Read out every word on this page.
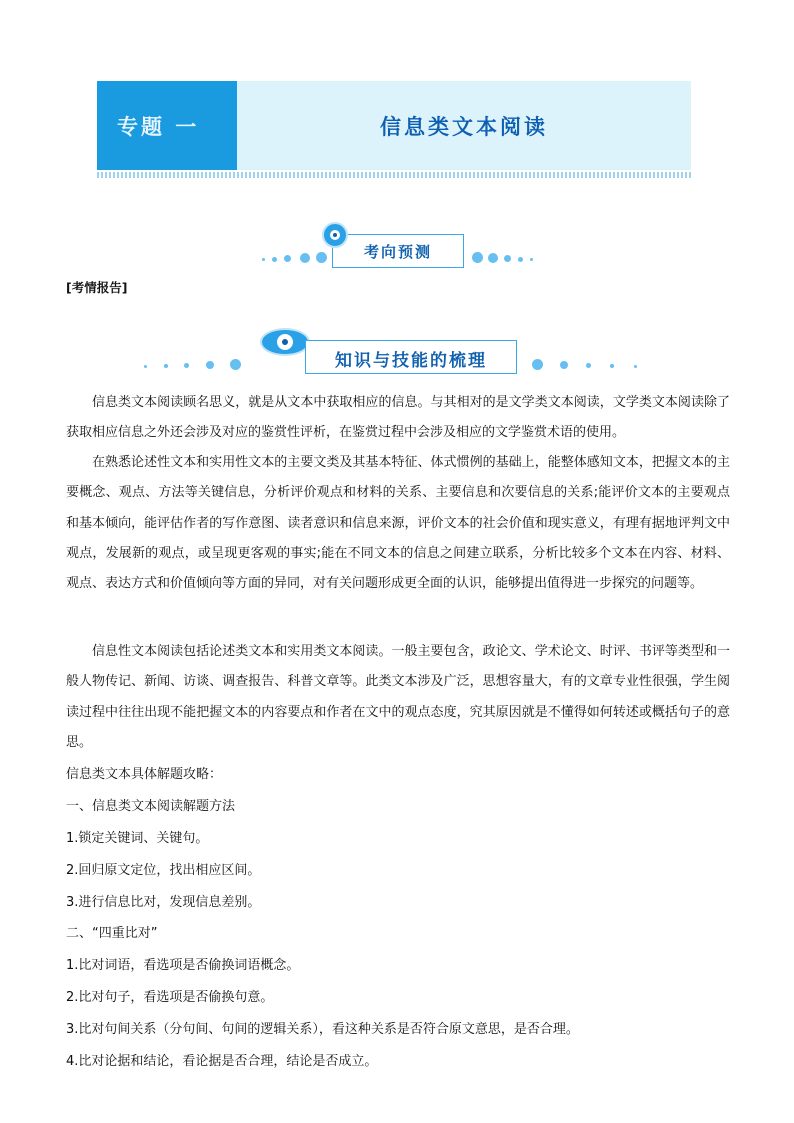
专题 一	信息类文本阅读
考向预测
[考情报告]
知识与技能的梳理

信息类文本阅读顾名思义，就是从文本中获取相应的信息。与其相对的是文学类文本阅读，文学类文本阅读除了获取相应信息之外还会涉及对应的鉴赏性评析，在鉴赏过程中会涉及相应的文学鉴赏术语的使用。

在熟悉论述性文本和实用性文本的主要文类及其基本特征、体式惯例的基础上，能整体感知文本，把握文本的主要概念、观点、方法等关键信息，分析评价观点和材料的关系、主要信息和次要信息的关系;能评价文本的主要观点和基本倾向，能评估作者的写作意图、读者意识和信息来源，评价文本的社会价值和现实意义，有理有据地评判文中观点，发展新的观点，或呈现更客观的事实;能在不同文本的信息之间建立联系，分析比较多个文本在内容、材料、观点、表达方式和价值倾向等方面的异同，对有关问题形成更全面的认识，能够提出值得进一步探究的问题等。

信息性文本阅读包括论述类文本和实用类文本阅读。一般主要包含，政论文、学术论文、时评、书评等类型和一般人物传记、新闻、访谈、调查报告、科普文章等。此类文本涉及广泛，思想容量大，有的文章专业性很强，学生阅读过程中往往出现不能把握文本的内容要点和作者在文中的观点态度，究其原因就是不懂得如何转述或概括句子的意思。

信息类文本具体解题攻略：

一、信息类文本阅读解题方法

1.锁定关键词、关键句。

2.回归原文定位，找出相应区间。

3.进行信息比对，发现信息差别。

二、“四重比对”

1.比对词语，看选项是否偷换词语概念。

2.比对句子，看选项是否偷换句意。

3.比对句间关系（分句间、句间的逻辑关系），看这种关系是否符合原文意思，是否合理。

4.比对论据和结论，看论据是否合理，结论是否成立。
